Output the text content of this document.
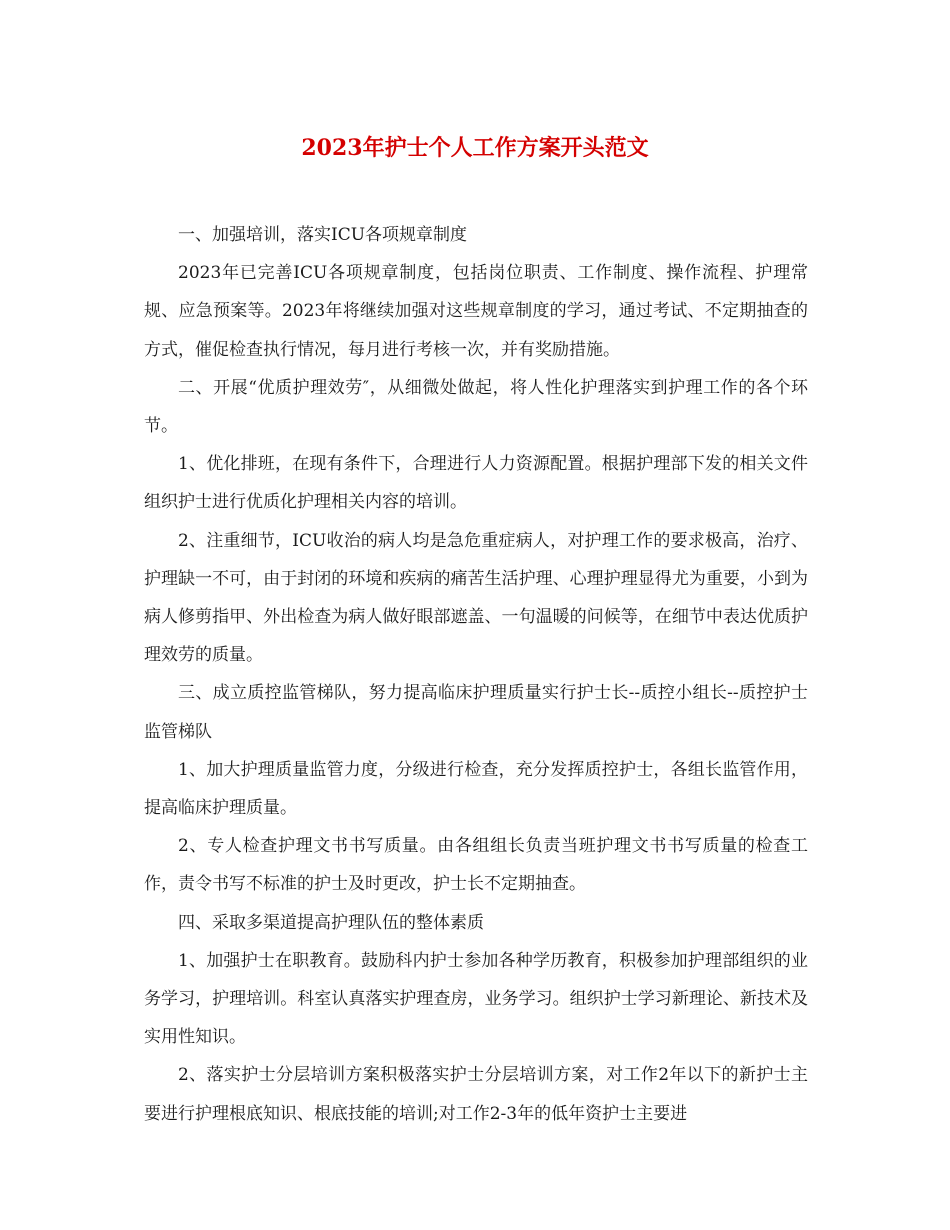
2023年护士个人工作方案开头范文

一、加强培训，落实ICU各项规章制度

2023年已完善ICU各项规章制度，包括岗位职责、工作制度、操作流程、护理常规、应急预案等。2023年将继续加强对这些规章制度的学习，通过考试、不定期抽查的方式，催促检查执行情况，每月进行考核一次，并有奖励措施。

二、开展“优质护理效劳″，从细微处做起，将人性化护理落实到护理工作的各个环节。

1、优化排班，在现有条件下，合理进行人力资源配置。根据护理部下发的相关文件组织护士进行优质化护理相关内容的培训。

2、注重细节，ICU收治的病人均是急危重症病人，对护理工作的要求极高，治疗、护理缺一不可，由于封闭的环境和疾病的痛苦生活护理、心理护理显得尤为重要，小到为病人修剪指甲、外出检查为病人做好眼部遮盖、一句温暖的问候等，在细节中表达优质护理效劳的质量。

三、成立质控监管梯队，努力提高临床护理质量实行护士长--质控小组长--质控护士监管梯队

1、加大护理质量监管力度，分级进行检查，充分发挥质控护士，各组长监管作用，提高临床护理质量。

2、专人检查护理文书书写质量。由各组组长负责当班护理文书书写质量的检查工作，责令书写不标准的护士及时更改，护士长不定期抽查。

四、采取多渠道提高护理队伍的整体素质

1、加强护士在职教育。鼓励科内护士参加各种学历教育，积极参加护理部组织的业务学习，护理培训。科室认真落实护理查房，业务学习。组织护士学习新理论、新技术及实用性知识。

2、落实护士分层培训方案积极落实护士分层培训方案，对工作2年以下的新护士主要进行护理根底知识、根底技能的培训;对工作2-3年的低年资护士主要进
